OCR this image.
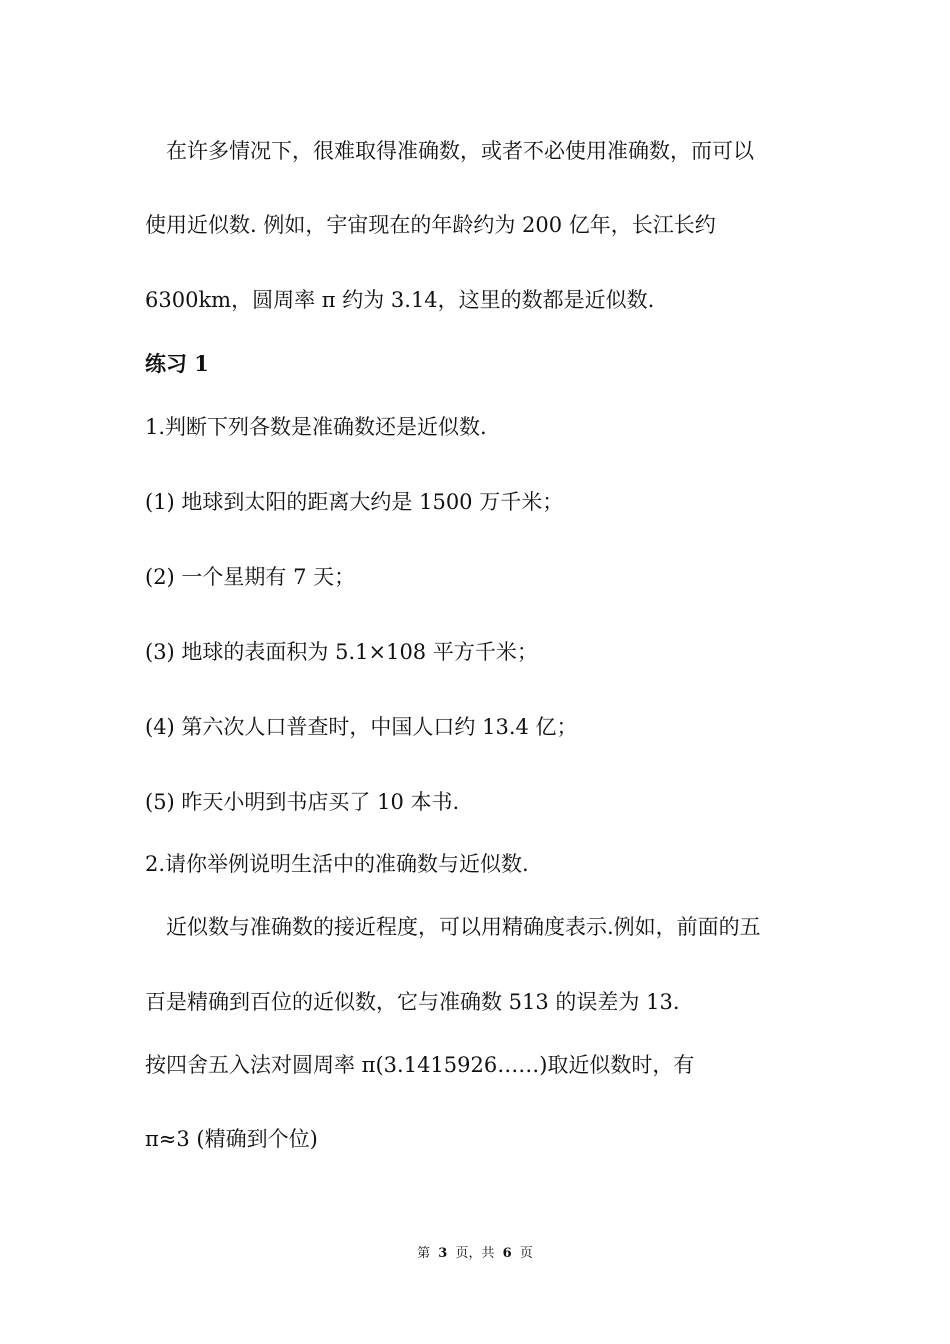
在许多情况下，很难取得准确数，或者不必使用准确数，而可以
使用近似数. 例如，宇宙现在的年龄约为 200 亿年，长江长约
6300km，圆周率 π 约为 3.14，这里的数都是近似数.
练习 1
1.判断下列各数是准确数还是近似数.
(1) 地球到太阳的距离大约是 1500 万千米；
(2) 一个星期有 7 天；
(3) 地球的表面积为 5.1×108 平方千米；
(4) 第六次人口普查时，中国人口约 13.4 亿；
(5) 昨天小明到书店买了 10 本书.
2.请你举例说明生活中的准确数与近似数.
近似数与准确数的接近程度，可以用精确度表示.例如，前面的五
百是精确到百位的近似数，它与准确数 513 的误差为 13.
按四舍五入法对圆周率 π(3.1415926……)取近似数时，有
π≈3 (精确到个位)
第 3 页，共 6 页
